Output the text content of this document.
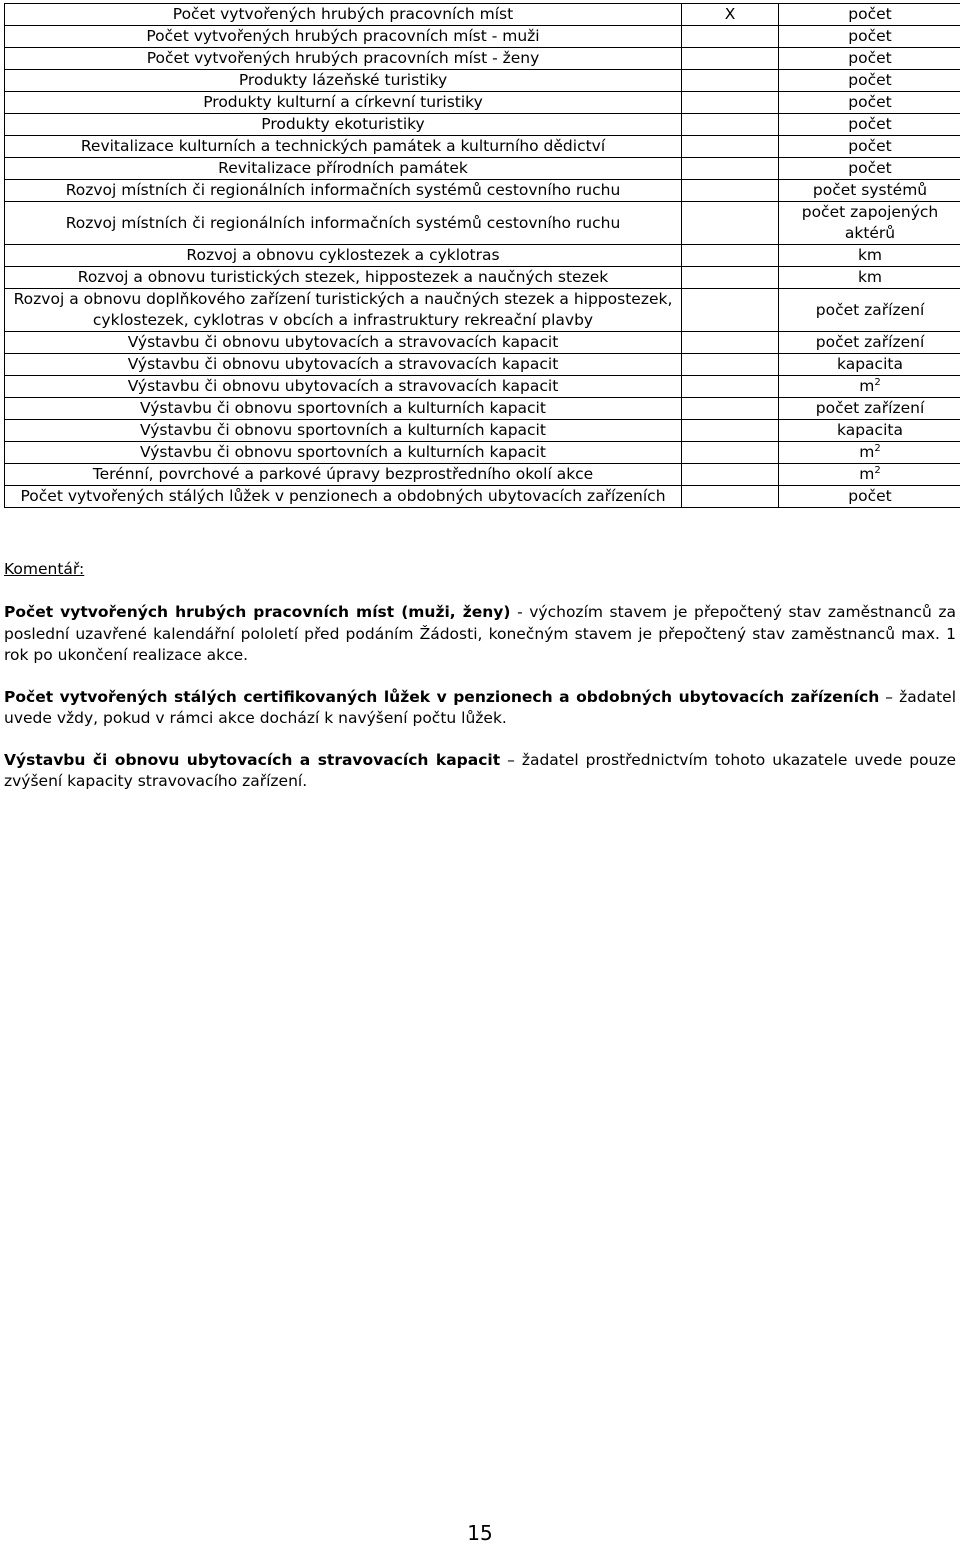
Počet vytvořených hrubých pracovních míst	X	počet
Počet vytvořených hrubých pracovních míst - muži		počet
Počet vytvořených hrubých pracovních míst - ženy		počet
Produkty lázeňské turistiky		počet
Produkty kulturní a církevní turistiky		počet
Produkty ekoturistiky		počet
Revitalizace kulturních a technických památek a kulturního dědictví		počet
Revitalizace přírodních památek		počet
Rozvoj místních či regionálních informačních systémů cestovního ruchu		počet systémů
Rozvoj místních či regionálních informačních systémů cestovního ruchu		počet zapojených aktérů
Rozvoj a obnovu cyklostezek a cyklotras		km
Rozvoj a obnovu turistických stezek, hippostezek a naučných stezek		km
Rozvoj a obnovu doplňkového zařízení turistických a naučných stezek a hippostezek, cyklostezek, cyklotras v obcích a infrastruktury rekreační plavby		počet zařízení
Výstavbu či obnovu ubytovacích a stravovacích kapacit		počet zařízení
Výstavbu či obnovu ubytovacích a stravovacích kapacit		kapacita
Výstavbu či obnovu ubytovacích a stravovacích kapacit		$m^2$
Výstavbu či obnovu sportovních a kulturních kapacit		počet zařízení
Výstavbu či obnovu sportovních a kulturních kapacit		kapacita
Výstavbu či obnovu sportovních a kulturních kapacit		$m^2$
Terénní, povrchové a parkové úpravy bezprostředního okolí akce		$m^2$
Počet vytvořených stálých lůžek v penzionech a obdobných ubytovacích zařízeních		počet
Komentář:

Počet vytvořených hrubých pracovních míst (muži, ženy) - výchozím stavem je přepočtený stav zaměstnanců za poslední uzavřené kalendářní pololetí před podáním Žádosti, konečným stavem je přepočtený stav zaměstnanců max. 1 rok po ukončení realizace akce.

Počet vytvořených stálých certifikovaných lůžek v penzionech a obdobných ubytovacích zařízeních – žadatel uvede vždy, pokud v rámci akce dochází k navýšení počtu lůžek.

Výstavbu či obnovu ubytovacích a stravovacích kapacit – žadatel prostřednictvím tohoto ukazatele uvede pouze zvýšení kapacity stravovacího zařízení.

15
